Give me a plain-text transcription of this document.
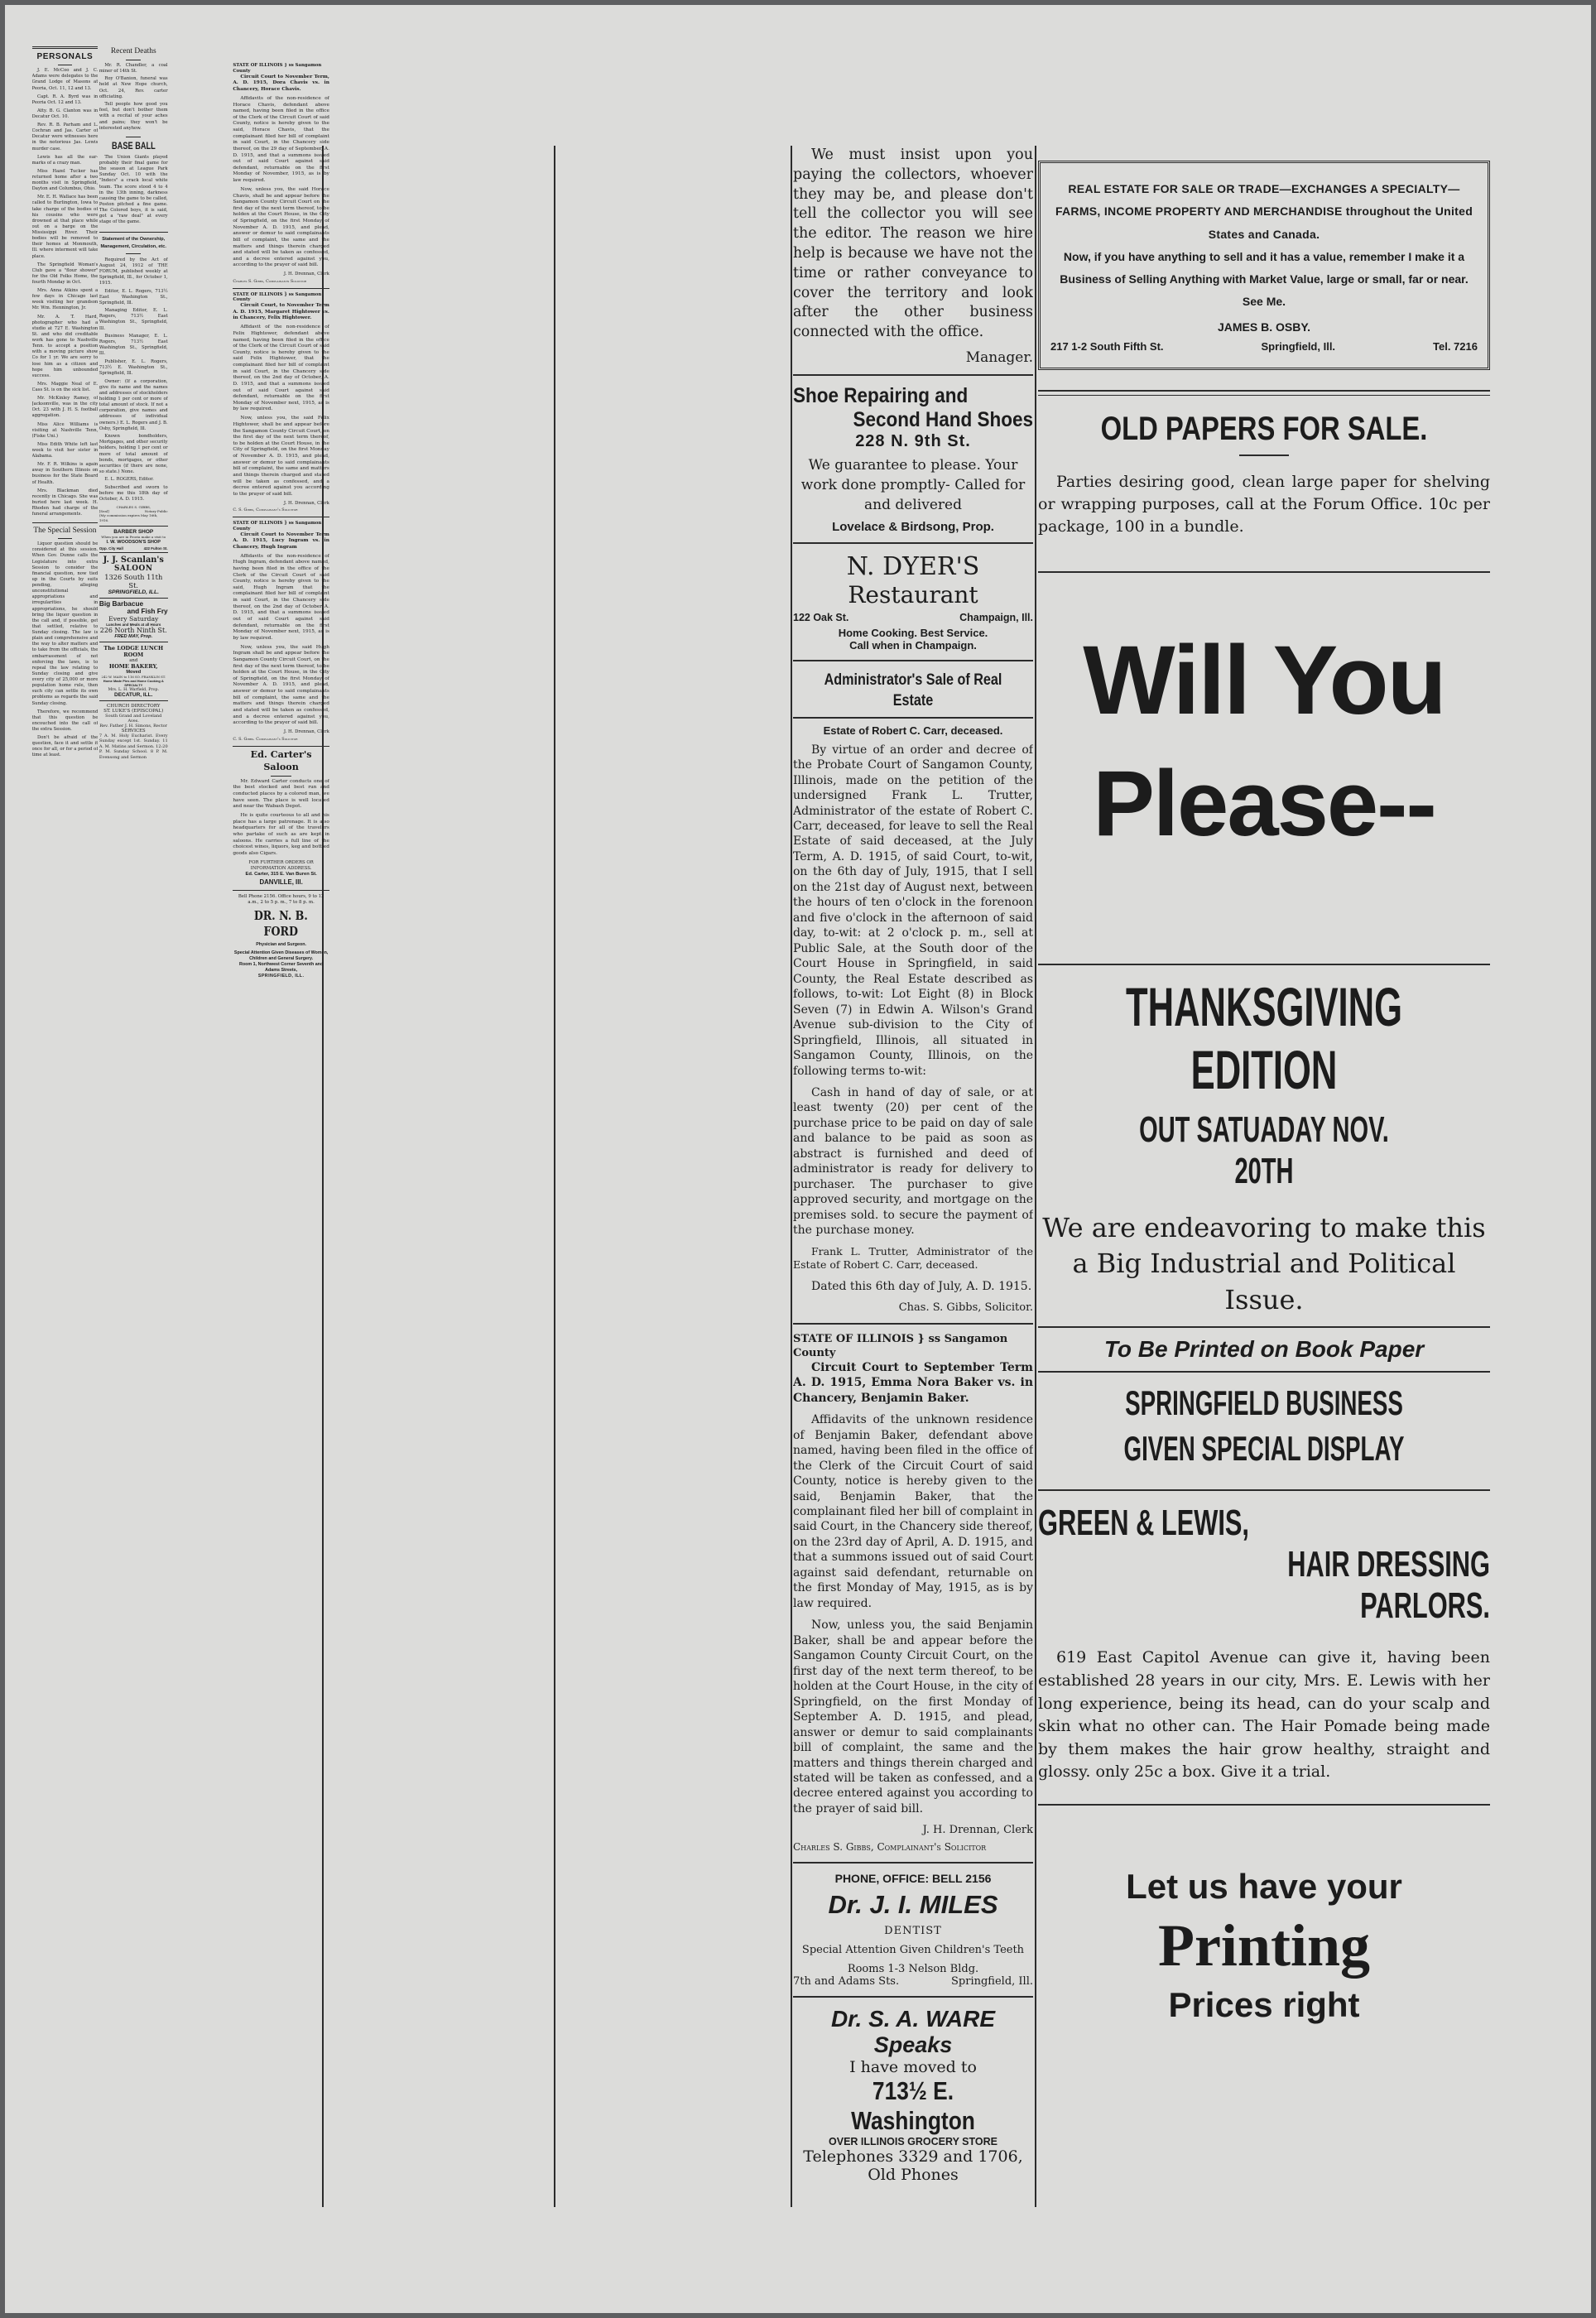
PERSONALS

J. E. McCoo and J. C. Adams were delegates to the Grand Lodge of Masons at Peoria, Oct. 11, 12 and 13.

Capt. R. A. Byrd was in Peoria Oct. 12 and 13.

Atty. B. G. Clanton was in Decatur Oct. 10.

Rev. R. B. Parham and L. Cochran and Jas. Carter of Decatur were witnesses here in the notorious Jas. Lewis murder case.

Lewis has all the ear-marks of a crazy man.

Miss Hazel Tucker has returned home after a two months visit in Springfield, Dayton and Columbus, Ohio.

Mr. E. H. Wallace has been called to Burlington, Iowa to take charge of the bodies of his cousins who were drowned at that place while out on a barge on the Mississippi River. Their bodies will be removed to their homes at Monmouth, Ill. where interment will take place.

The Springfield Woman's Club gave a "flour shower" for the Old Folks Home, the fourth Monday in Oct.

Mrs. Anna Atkins spent a few days in Chicago last week visiting her grandson Mr. Wm. Hennington, Jr.

Mr. A. T. Hard, photographer who had a studio at 727 E. Washington St. and who did creditable work has gone to Nashville Tenn. to accept a position with a moving picture show Co for 1 yr. We are sorry to lose him as a citizen and hope him unbounded success.

Mrs. Maggie Neal of E. Cass St. is on the sick list.

Mr. McKinley Ramey, of Jacksonville, was in the city Oct. 23 with J. H. S. football aggregation.

Miss Alice Williams is visiting at Nashville Tenn, (Fiske Uni.)

Miss Edith White left last week to visit her sister in Alabama.

Mr. F. R. Wilkins is again away in Southern Illinois on business for the State Board of Health.

Mrs. Blackman died recently in Chicago. She was buried here last week. H. Rhoden had charge of the funeral arrangements.

The Special Session

Liquor question should be considered at this session. When Gov. Dunne calls the Legislature into extra Session to consider the financial question, now tied up in the Courts by suits pending, alleging unconstitutional appropriations and irregularities in appropriations, he should bring the liquor question in the call and, if possible, get that settled, relative to Sunday closing. The law is plain and comprehensive and the way to alter matters and to take from the officials, the embarrassment of not enforcing the laws, is to repeal the law relating to Sunday closing and give every city of 25,000 or more population home rule, then such city can settle its own problems as regards the said Sunday closing.

Therefore, we recommend that this question be encouched into the call of the extra Session.

Don't be afraid of the question, face it and settle it once for all, or for a period of time at least.

Recent Deaths

Mr. R. Chandler, a coal miner of 14th St.

Roy O'Banion, funeral was held at New Hope church, Oct. 24, Rev. carter officiating.

Tell people how good you feel, but don't bother them with a recital of your aches and pains; they won't be interested anyhow.

BASE BALL

The Union Giants played probably their final game for the season at League Park Sunday Oct. 10 with the "Indecs" a crack local white team. The score stood 4 to 4 in the 13th inning, darkness causing the game to be called, Poston pitched a fine game. The Colored boys, it is said, got a "raw deal" at every stage of the game.

Statement of the Ownership, Management, Circulation, etc.

Required by the Act of August 24, 1912 of THE FORUM, published weekly at Springfield, Ill., for October 1, 1915.

Editor, E. L. Rogers, 713½ East Washington St., Springfield, Ill.

Managing Editor, E. L. Rogers, 713½ East Washington St., Springfield, Ill.

Business Manager, E. L. Rogers, 713½ East Washington St., Springfield, Ill.

Publisher, E. L. Rogers, 713½ E. Washington St., Springfield, Ill.

Owner: (If a corporation, give its name and the names and addresses of stockholders holding 1 per cent or more of total amount of stock. If not a corporation, give names and addresses of individual owners.) E. L. Rogers and J. B. Osby, Springfield, Ill.

Known bondholders, Mortgages, and other security holders, holding 1 per cent or more of total amount of bonds, mortgages, or other securities (if there are none, so state.) None.

E. L. ROGERS, Editor.

Subscribed and sworn to before me this 18th day of October, A. D. 1915.

CHARLES S. GIBBS,
[Seal]	Notary Public
(My commission expires May 16th, 1916.
BARBER SHOP
When you are in Peoria make a visit to
I. W. WOODSON'S SHOP
Opp. City Hall 422 Fulton St.
J. J. Scanlan's
SALOON
1326 South 11th St.
SPRINGFIELD, ILL.
Big Barbacue
and Fish Fry
Every Saturday
Lunches and Meals at all Hours
226 North Ninth St.
FRED MAY, Prop.
The LODGE LUNCH ROOM
and
HOME BAKERY,
Moved
242 W. MAIN to 116 SO. FRANKLIN ST.
Home Made Pies and Home Cooking A SPECIALTY
Mrs. L. H. Warfield, Prop.
DECATUR, ILL.
CHURCH DIRECTORY
ST. LUKE'S (EPISCOPAL)
South Grand and Loveland Aves.
Rev. Father J. H. Simons, Rector
SERVICES
7 A. M. Holy Eucharist. Every Sunday except 1st. Sunday. 11 A. M. Matins and Sermon. 12:20 P. M. Sunday School. 8 P. M. Evensong and Sermon
STATE OF ILLINOIS } ss Sangamon County

Circuit Court to November Term, A. D. 1915, Dora Chavis vs. in Chancery, Horace Chavis.

Affidavits of the non-residence of Horace Chavis, defendant above named, having been filed in the office of the Clerk of the Circuit Court of said County, notice is hereby given to the said, Horace Chavis, that the complainant filed her bill of complaint in said Court, in the Chancery side thereof, on the 29 day of September, A. D. 1915, and that a summons issued out of said Court against said defendant, returnable on the first Monday of November, 1915, as is by law required.

Now, unless you, the said Horace Chavis, shall be and appear before the Sangamon County Circuit Court on the first day of the next term thereof, to be holden at the Court House, in the City of Springfield, on the first Monday of November A. D. 1915, and plead, answer or demur to said complainants bill of complaint, the same and the matters and things therein charged and stated will be taken as confessed, and a decree entered against you, according to the prayer of said bill.

J. H. Drennan, Clerk
Charles S. Gibbs, Complainants Solicitor
STATE OF ILLINOIS } ss Sangamon County

Circuit Court, to November Term A. D. 1915, Margaret Hightower vs. in Chancery, Felix Hightower.

Affidavit of the non-residence of Felix Hightower, defendant above named, having been filed in the office of the Clerk of the Circuit Court of said County, notice is hereby given to the said Felix Hightower, that the complainant filed her bill of complaint in said Court, in the Chancery side thereof, on the 2nd day of October, A. D. 1915, and that a summons issued out of said Court against said defendant, returnable on the first Monday of November next, 1915, as is by law required.

Now, unless you, the said Felix Hightower, shall be and appear before the Sangamon County Circuit Court, on the first day of the next term thereof, to be holden at the Court House, in the City of Springfield, on the first Monday of November A. D. 1915, and plead, answer or demur to said complainants bill of complaint, the same and matters and things therein charged and stated will be taken as confessed, and a decree entered against you according to the prayer of said bill.

J. H. Drennan, Clerk
C. S. Gibbs, Complainant's Solicitor
STATE OF ILLINOIS } ss Sangamon County

Circuit Court to November Term A. D. 1915, Lucy Ingram vs. in Chancery, Hugh Ingram

Affidavits of the non-residence of Hugh Ingram, defendant above named, having been filed in the office of the Clerk of the Circuit Court of said County, notice is hereby given to the said, Hugh Ingram that the complainant filed her bill of complaint in said Court, in the Chancery side thereof, on the 2nd day of October A. D. 1915, and that a summons issued out of said Court against said defendant, returnable on the first Monday of November next, 1915, as is by law required.

Now, unless you, the said Hugh Ingram shall be and appear before the Sangamon County Circuit Court, on the first day of the next term thereof, to be holden at the Court House, in the City of Springfield, on the first Monday of November A. D. 1915, and plead, answer or demur to said complainants bill of complaint, the same and the matters and things therein charged and stated will be taken as confessed, and a decree entered against you, according to the prayer of said bill.

J. H. Drennan, Clerk
C. S. Gibbs. Complainant's Solicitor
Ed. Carter's Saloon

Mr. Edward Carter conducts one of the best stocked and best run and conducted places by a colored man, we have seen. The place is well located and near the Wabash Depot.

He is quite courteous to all and his place has a large patronage. It is also headquarters for all of the travelers who partake of such as are kept in saloons. He carries a full line of the choicest wines, liquors, keg and bottled goods also Cigars.

FOR FURTHER ORDERS OR INFORMATION ADDRESS.
Ed. Carter, 315 E. Van Buren St.
DANVILLE, Ill.
Bell Phone 2156. Office hours, 9 to 12 a.m., 2 to 5 p. m., 7 to 8 p. m.
DR. N. B. FORD
Physician and Surgeon.
Special Attention Given Diseases of Women, Children and General Surgery.
Room 1, Northwest Corner Seventh and Adams Streets,
SPRINGFIELD, ILL.

We must insist upon you paying the collectors, whoever they may be, and please don't tell the collector you will see the editor. The reason we hire help is because we have not the time or rather conveyance to cover the territory and look after the other business connected with the office.

Manager.
Shoe Repairing and
Second Hand Shoes
228 N. 9th St.
We guarantee to please. Your work done promptly- Called for and delivered
Lovelace & Birdsong, Prop.
N. DYER'S
Restaurant
122 Oak St.	Champaign, Ill.
Home Cooking. Best Service.
Call when in Champaign.
Administrator's Sale of Real Estate
Estate of Robert C. Carr, deceased.

By virtue of an order and decree of the Probate Court of Sangamon County, Illinois, made on the petition of the undersigned Frank L. Trutter, Administrator of the estate of Robert C. Carr, deceased, for leave to sell the Real Estate of said deceased, at the July Term, A. D. 1915, of said Court, to-wit, on the 6th day of July, 1915, that I sell on the 21st day of August next, between the hours of ten o'clock in the forenoon and five o'clock in the afternoon of said day, to-wit: at 2 o'clock p. m., sell at Public Sale, at the South door of the Court House in Springfield, in said County, the Real Estate described as follows, to-wit: Lot Eight (8) in Block Seven (7) in Edwin A. Wilson's Grand Avenue sub-division to the City of Springfield, Illinois, all situated in Sangamon County, Illinois, on the following terms to-wit:

Cash in hand of day of sale, or at least twenty (20) per cent of the purchase price to be paid on day of sale and balance to be paid as soon as abstract is furnished and deed of administrator is ready for delivery to purchaser. The purchaser to give approved security, and mortgage on the premises sold. to secure the payment of the purchase money.

Frank L. Trutter, Administrator of the Estate of Robert C. Carr, deceased.

Dated this 6th day of July, A. D. 1915.

Chas. S. Gibbs, Solicitor.
STATE OF ILLINOIS } ss Sangamon County

Circuit Court to September Term A. D. 1915, Emma Nora Baker vs. in Chancery, Benjamin Baker.

Affidavits of the unknown residence of Benjamin Baker, defendant above named, having been filed in the office of the Clerk of the Circuit Court of said County, notice is hereby given to the said, Benjamin Baker, that the complainant filed her bill of complaint in said Court, in the Chancery side thereof, on the 23rd day of April, A. D. 1915, and that a summons issued out of said Court against said defendant, returnable on the first Monday of May, 1915, as is by law required.

Now, unless you, the said Benjamin Baker, shall be and appear before the Sangamon County Circuit Court, on the first day of the next term thereof, to be holden at the Court House, in the city of Springfield, on the first Monday of September A. D. 1915, and plead, answer or demur to said complainants bill of complaint, the same and the matters and things therein charged and stated will be taken as confessed, and a decree entered against you according to the prayer of said bill.

J. H. Drennan, Clerk
Charles S. Gibbs, Complainant's Solicitor
PHONE, OFFICE: BELL 2156
Dr. J. I. MILES
DENTIST
Special Attention Given Children's Teeth
Rooms 1-3 Nelson Bldg.
7th and Adams Sts.	Springfield, Ill.
Dr. S. A. WARE
Speaks
I have moved to
713½ E. Washington
OVER ILLINOIS GROCERY STORE
Telephones 3329 and 1706,
Old Phones
REAL ESTATE FOR SALE OR TRADE—EXCHANGES A SPECIALTY—FARMS, INCOME PROPERTY AND MERCHANDISE throughout the United States and Canada.
Now, if you have anything to sell and it has a value, remember I make it a Business of Selling Anything with Market Value, large or small, far or near. See Me.
JAMES B. OSBY.
217 1-2 South Fifth St.	Springfield, Ill.	Tel. 7216
OLD PAPERS FOR SALE.

Parties desiring good, clean large paper for shelving or wrapping purposes, call at the Forum Office. 10c per package, 100 in a bundle.

Will You
Please--
THANKSGIVING EDITION
OUT SATUADAY NOV. 20TH
We are endeavoring to make this a Big Industrial and Political Issue.
To Be Printed on Book Paper
SPRINGFIELD BUSINESS GIVEN SPECIAL DISPLAY
GREEN & LEWIS,
HAIR DRESSING PARLORS.

619 East Capitol Avenue can give it, having been established 28 years in our city, Mrs. E. Lewis with her long experience, being its head, can do your scalp and skin what no other can. The Hair Pomade being made by them makes the hair grow healthy, straight and glossy. only 25c a box. Give it a trial.

Let us have your
Printing
Prices right
